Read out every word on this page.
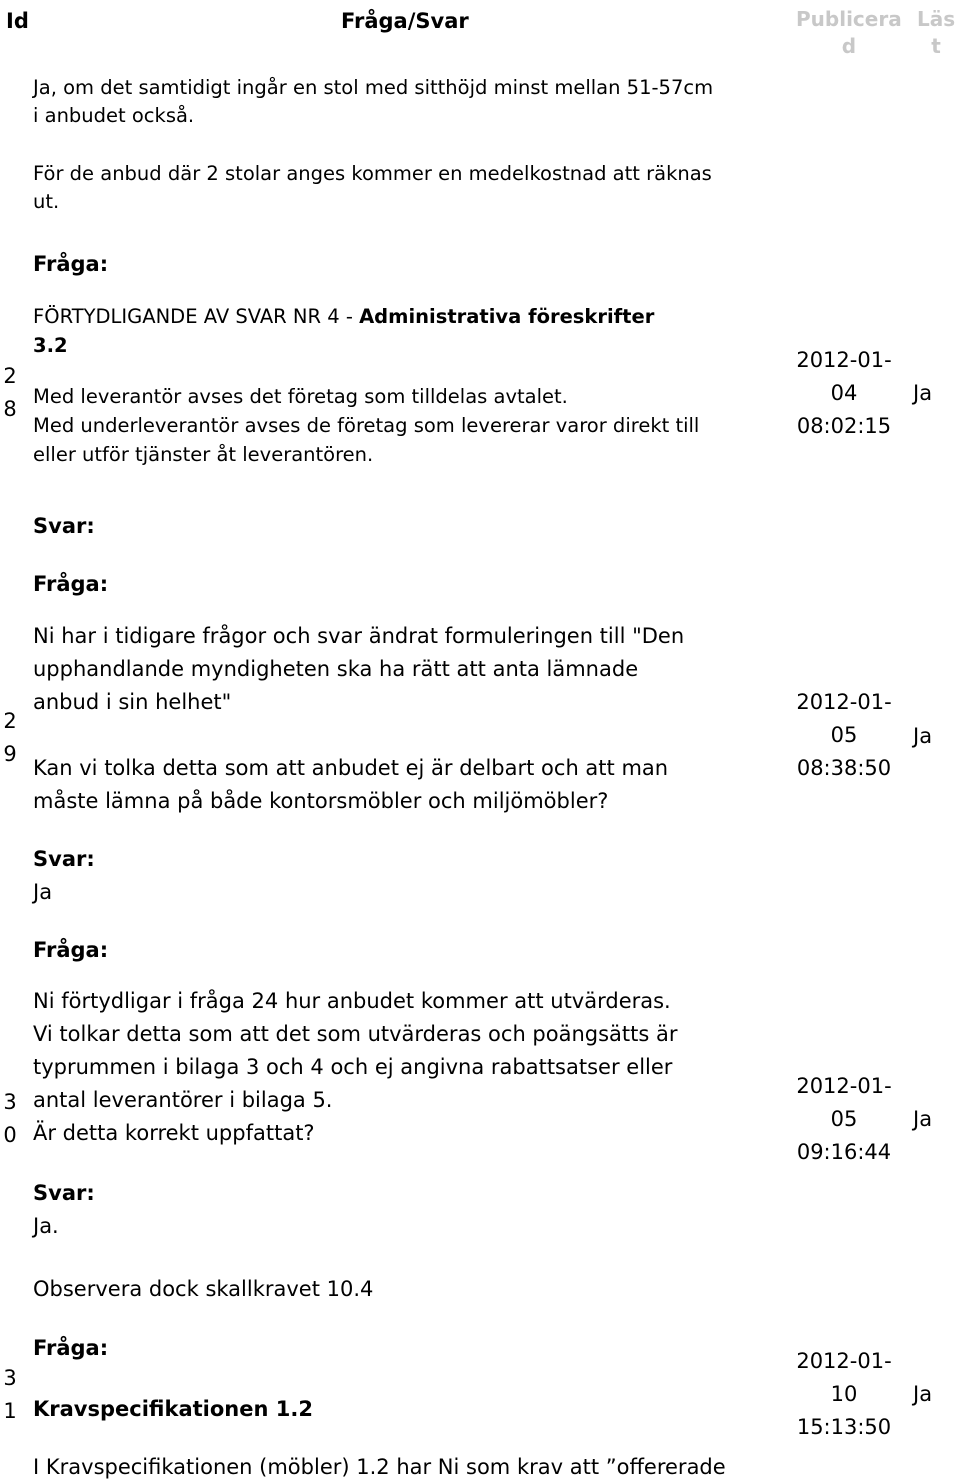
Id	Fråga/Svar	Publicera
d
Läs
t
Ja, om det samtidigt ingår en stol med sitthöjd minst mellan 51-57cm
i anbudet också.
För de anbud där 2 stolar anges kommer en medelkostnad att räknas
ut.
2
8
Fråga:
FÖRTYDLIGANDE AV SVAR NR 4 - Administrativa föreskrifter
3.2
Med leverantör avses det företag som tilldelas avtalet.
Med underleverantör avses de företag som levererar varor direkt till
eller utför tjänster åt leverantören.
Svar:
2012-01-
04
08:02:15
Ja
2
9
Fråga:
Ni har i tidigare frågor och svar ändrat formuleringen till "Den
upphandlande myndigheten ska ha rätt att anta lämnade
anbud i sin helhet"
Kan vi tolka detta som att anbudet ej är delbart och att man
måste lämna på både kontorsmöbler och miljömöbler?
Svar:
Ja
2012-01-
05
08:38:50
Ja
3
0
Fråga:
Ni förtydligar i fråga 24 hur anbudet kommer att utvärderas.
Vi tolkar detta som att det som utvärderas och poängsätts är
typrummen i bilaga 3 och 4 och ej angivna rabattsatser eller
antal leverantörer i bilaga 5.
Är detta korrekt uppfattat?
Svar:
Ja.
Observera dock skallkravet 10.4
2012-01-
05
09:16:44
Ja
3
1
Fråga:
Kravspecifikationen 1.2
I Kravspecifikationen (möbler) 1.2 har Ni som krav att ”offererade
2012-01-
10
15:13:50
Ja
